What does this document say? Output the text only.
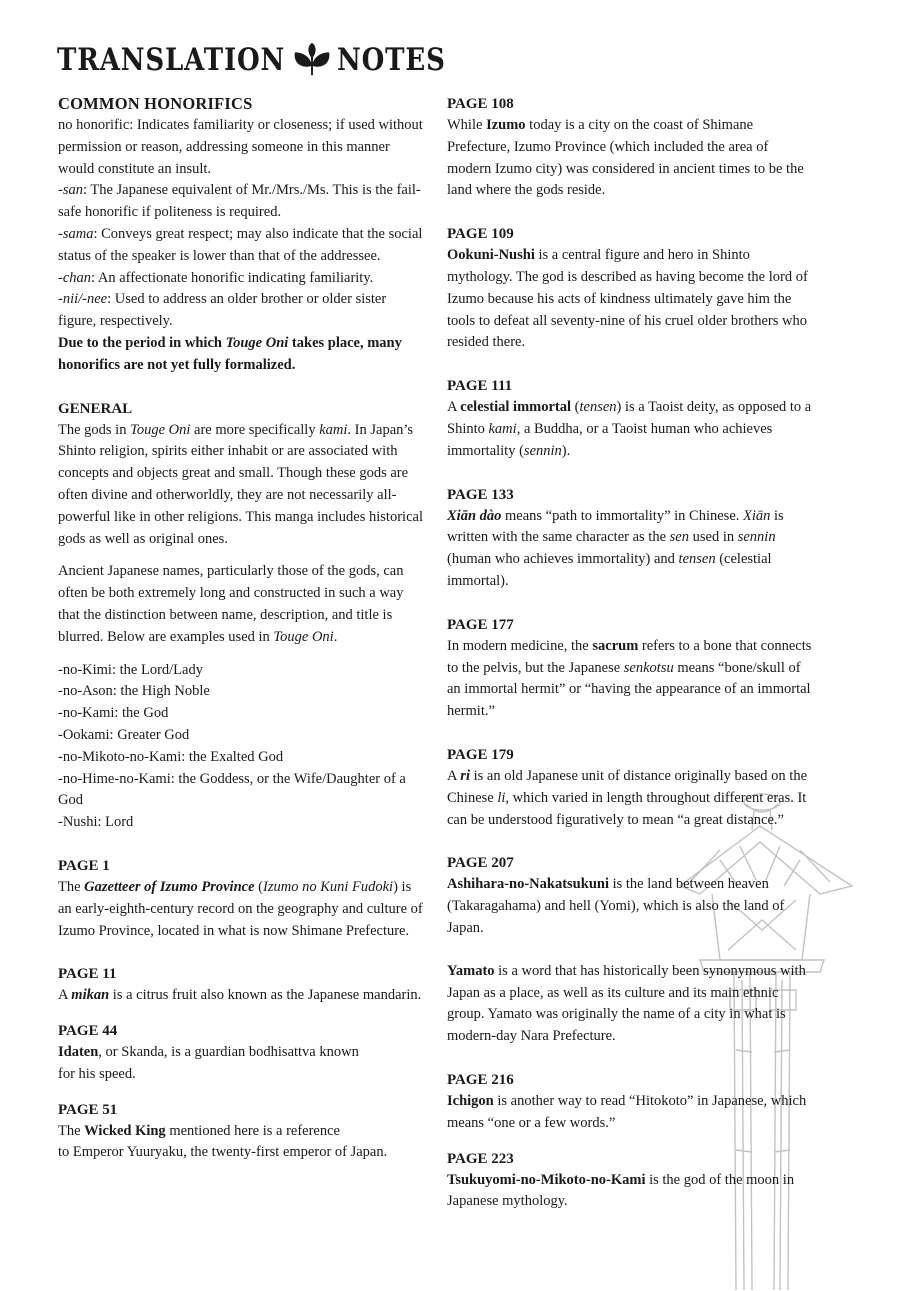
TRANSLATION NOTES
COMMON HONORIFICS

no honorific: Indicates familiarity or closeness; if used without permission or reason, addressing someone in this manner would constitute an insult.

-san: The Japanese equivalent of Mr./Mrs./Ms. This is the fail-safe honorific if politeness is required.

-sama: Conveys great respect; may also indicate that the social status of the speaker is lower than that of the addressee.

-chan: An affectionate honorific indicating familiarity.

-nii/-nee: Used to address an older brother or older sister figure, respectively.

Due to the period in which Touge Oni takes place, many honorifics are not yet fully formalized.

GENERAL

The gods in Touge Oni are more specifically kami. In Japan’s Shinto religion, spirits either inhabit or are associated with concepts and objects great and small. Though these gods are often divine and otherworldly, they are not necessarily all-powerful like in other religions. This manga includes historical gods as well as original ones.

Ancient Japanese names, particularly those of the gods, can often be both extremely long and constructed in such a way that the distinction between name, description, and title is blurred. Below are examples used in Touge Oni.

-no-Kimi: the Lord/Lady

-no-Ason: the High Noble

-no-Kami: the God

-Ookami: Greater God

-no-Mikoto-no-Kami: the Exalted God

-no-Hime-no-Kami: the Goddess, or the Wife/Daughter of a God

-Nushi: Lord

PAGE 1

The Gazetteer of Izumo Province (Izumo no Kuni Fudoki) is an early-eighth-century record on the geography and culture of Izumo Province, located in what is now Shimane Prefecture.

PAGE 11

A mikan is a citrus fruit also known as the Japanese mandarin.

PAGE 44

Idaten, or Skanda, is a guardian bodhisattva known
for his speed.

PAGE 51

The Wicked King mentioned here is a reference
to Emperor Yuuryaku, the twenty-first emperor of Japan.

PAGE 108

While Izumo today is a city on the coast of Shimane Prefecture, Izumo Province (which included the area of modern Izumo city) was considered in ancient times to be the land where the gods reside.

PAGE 109

Ookuni-Nushi is a central figure and hero in Shinto mythology. The god is described as having become the lord of Izumo because his acts of kindness ultimately gave him the tools to defeat all seventy-nine of his cruel older brothers who resided there.

PAGE 111

A celestial immortal (tensen) is a Taoist deity, as opposed to a Shinto kami, a Buddha, or a Taoist human who achieves immortality (sennin).

PAGE 133

Xiān dào means “path to immortality” in Chinese. Xiān is written with the same character as the sen used in sennin (human who achieves immortality) and tensen (celestial immortal).

PAGE 177

In modern medicine, the sacrum refers to a bone that connects to the pelvis, but the Japanese senkotsu means “bone/skull of an immortal hermit” or “having the appearance of an immortal hermit.”

PAGE 179

A ri is an old Japanese unit of distance originally based on the Chinese li, which varied in length throughout different eras. It can be understood figuratively to mean “a great distance.”

PAGE 207

Ashihara-no-Nakatsukuni is the land between heaven (Takaragahama) and hell (Yomi), which is also the land of Japan.

Yamato is a word that has historically been synonymous with Japan as a place, as well as its culture and its main ethnic group. Yamato was originally the name of a city in what is modern-day Nara Prefecture.

PAGE 216

Ichigon is another way to read “Hitokoto” in Japanese, which means “one or a few words.”

PAGE 223

Tsukuyomi-no-Mikoto-no-Kami is the god of the moon in Japanese mythology.
